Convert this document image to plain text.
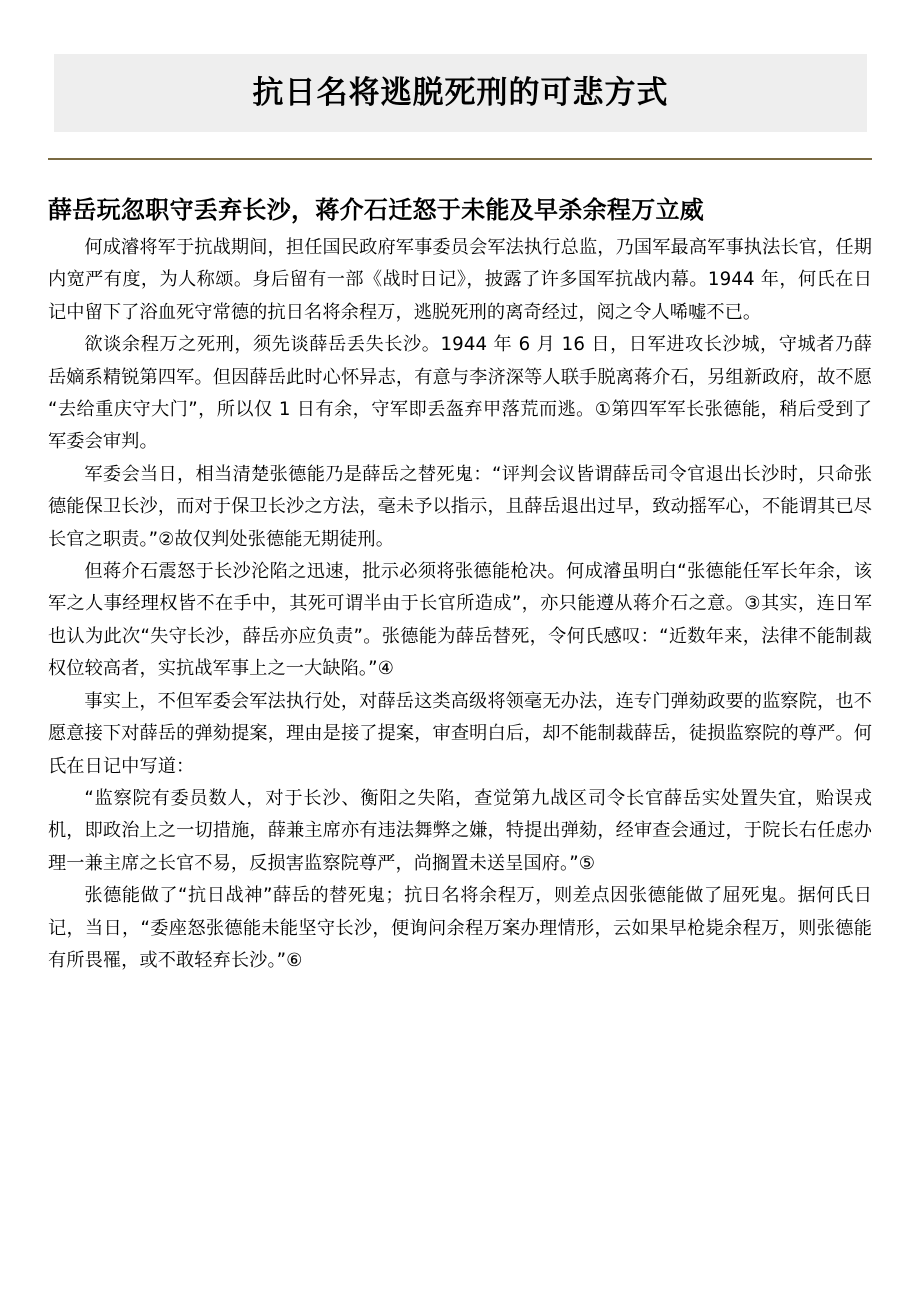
抗日名将逃脱死刑的可悲方式
薛岳玩忽职守丢弃长沙，蒋介石迁怒于未能及早杀余程万立威

何成濬将军于抗战期间，担任国民政府军事委员会军法执行总监，乃国军最高军事执法长官，任期内宽严有度，为人称颂。身后留有一部《战时日记》，披露了许多国军抗战内幕。1944 年，何氏在日记中留下了浴血死守常德的抗日名将余程万，逃脱死刑的离奇经过，阅之令人唏嘘不已。

欲谈余程万之死刑，须先谈薛岳丢失长沙。1944 年 6 月 16 日，日军进攻长沙城，守城者乃薛岳嫡系精锐第四军。但因薛岳此时心怀异志，有意与李济深等人联手脱离蒋介石，另组新政府，故不愿“去给重庆守大门”，所以仅 1 日有余，守军即丢盔弃甲落荒而逃。①第四军军长张德能，稍后受到了军委会审判。

军委会当日，相当清楚张德能乃是薛岳之替死鬼：“评判会议皆谓薛岳司令官退出长沙时，只命张德能保卫长沙，而对于保卫长沙之方法，毫未予以指示，且薛岳退出过早，致动摇军心，不能谓其已尽长官之职责。”②故仅判处张德能无期徒刑。

但蒋介石震怒于长沙沦陷之迅速，批示必须将张德能枪决。何成濬虽明白“张德能任军长年余，该军之人事经理权皆不在手中，其死可谓半由于长官所造成”，亦只能遵从蒋介石之意。③其实，连日军也认为此次“失守长沙，薛岳亦应负责”。张德能为薛岳替死，令何氏感叹：“近数年来，法律不能制裁权位较高者，实抗战军事上之一大缺陷。”④

事实上，不但军委会军法执行处，对薛岳这类高级将领毫无办法，连专门弹劾政要的监察院，也不愿意接下对薛岳的弹劾提案，理由是接了提案，审查明白后，却不能制裁薛岳，徒损监察院的尊严。何氏在日记中写道：

“监察院有委员数人，对于长沙、衡阳之失陷，查觉第九战区司令长官薛岳实处置失宜，贻误戎机，即政治上之一切措施，薛兼主席亦有违法舞弊之嫌，特提出弹劾，经审查会通过，于院长右任虑办理一兼主席之长官不易，反损害监察院尊严，尚搁置未送呈国府。”⑤

张德能做了“抗日战神”薛岳的替死鬼；抗日名将余程万，则差点因张德能做了屈死鬼。据何氏日记，当日，“委座怒张德能未能坚守长沙，便询问余程万案办理情形，云如果早枪毙余程万，则张德能有所畏罹，或不敢轻弃长沙。”⑥
